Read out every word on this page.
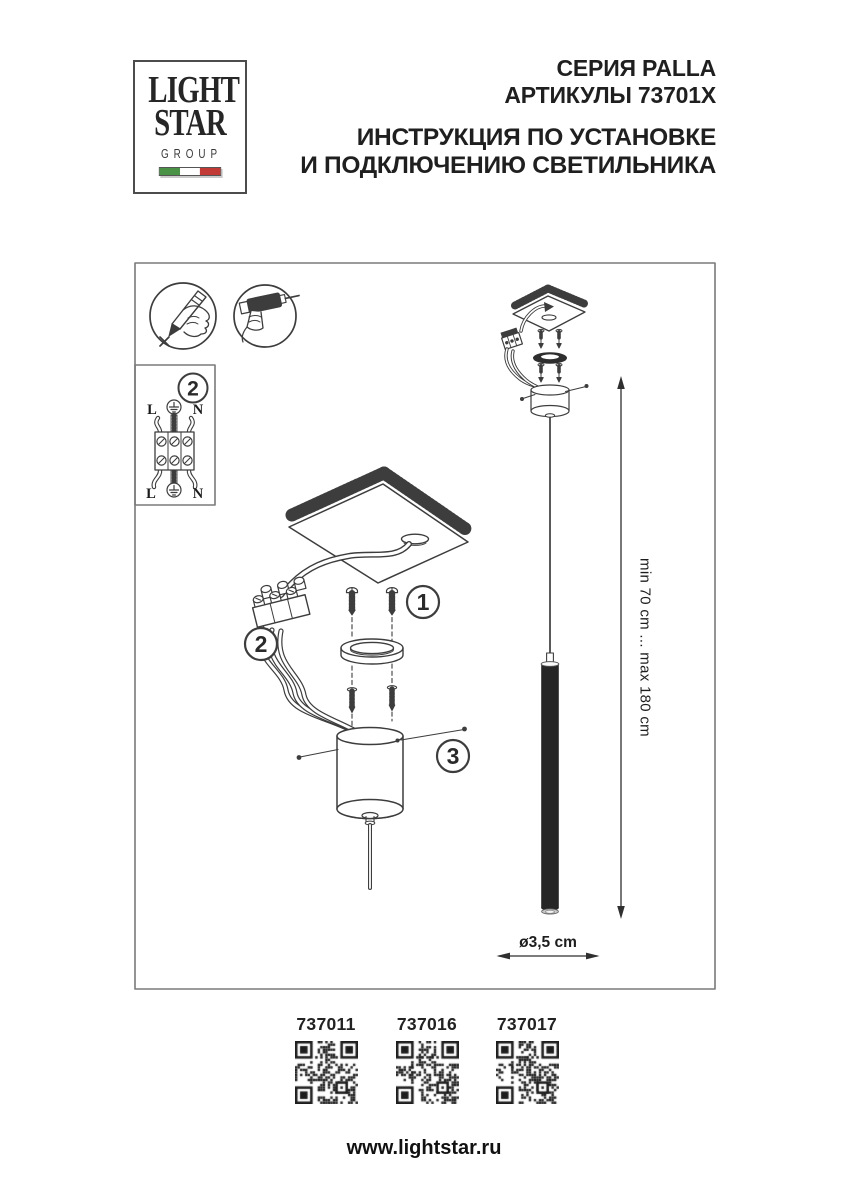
LIGHT
STAR
GROUP
СЕРИЯ PALLA
АРТИКУЛЫ 73701X
ИНСТРУКЦИЯ ПО УСТАНОВКЕ
И ПОДКЛЮЧЕНИЮ СВЕТИЛЬНИКА
2
L N
L	N
2
1
3
min 70 cm ... max 180 cm
ø3,5 cm
737011	737016	737017
www.lightstar.ru
